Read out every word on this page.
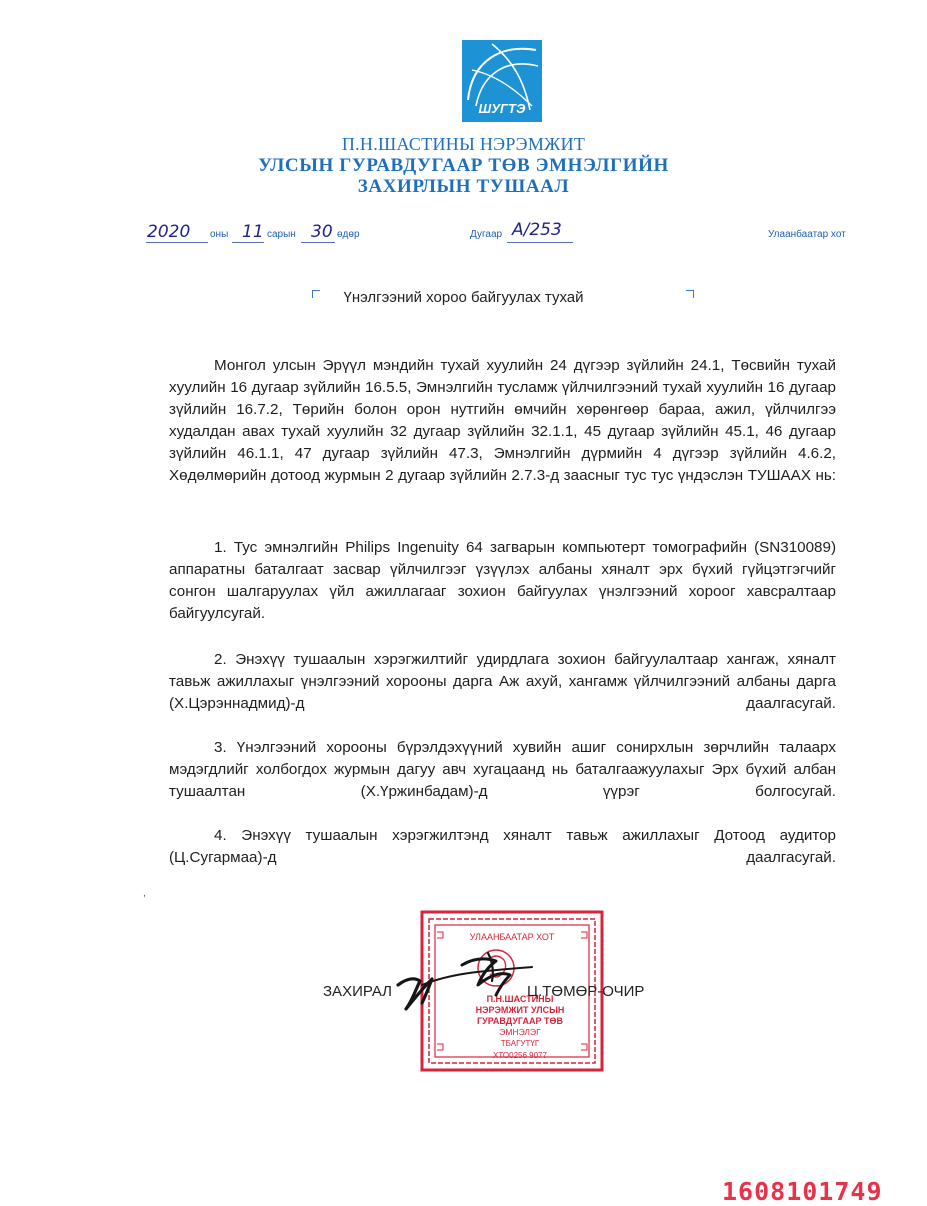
ШУГТЭ
П.Н.ШАСТИНЫ НЭРЭМЖИТ
УЛСЫН ГУРАВДУГААР ТӨВ ЭМНЭЛГИЙН
ЗАХИРЛЫН ТУШААЛ
2020 оны 11 сарын 30 өдөр	Дугаар А/253	Улаанбаатар хот
Үнэлгээний хороо байгуулах тухай
Монгол улсын Эрүүл мэндийн тухай хуулийн 24 дүгээр зүйлийн 24.1, Төсвийн тухай хуулийн 16 дугаар зүйлийн 16.5.5, Эмнэлгийн тусламж үйлчилгээний тухай хуулийн 16 дугаар зүйлийн 16.7.2, Төрийн болон орон нутгийн өмчийн хөрөнгөөр бараа, ажил, үйлчилгээ худалдан авах тухай хуулийн 32 дугаар зүйлийн 32.1.1, 45 дугаар зүйлийн 45.1, 46 дугаар зүйлийн 46.1.1, 47 дугаар зүйлийн 47.3, Эмнэлгийн дүрмийн 4 дүгээр зүйлийн 4.6.2, Хөдөлмөрийн дотоод журмын 2 дугаар зүйлийн 2.7.3-д заасныг тус тус үндэслэн ТУШААХ нь:
1. Тус эмнэлгийн Philips Ingenuity 64 загварын компьютерт томографийн (SN310089) аппаратны баталгаат засвар үйлчилгээг үзүүлэх албаны хяналт эрх бүхий гүйцэтгэгчийг сонгон шалгаруулах үйл ажиллагааг зохион байгуулах үнэлгээний хороог хавсралтаар байгуулсугай.
2. Энэхүү тушаалын хэрэгжилтийг удирдлага зохион байгуулалтаар хангаж, хяналт тавьж ажиллахыг үнэлгээний хорооны дарга Аж ахуй, хангамж үйлчилгээний албаны дарга (Х.Цэрэннадмид)-д даалгасугай.
3. Үнэлгээний хорооны бүрэлдэхүүний хувийн ашиг сонирхлын зөрчлийн талаарх мэдэгдлийг холбогдох журмын дагуу авч хугацаанд нь баталгаажуулахыг Эрх бүхий албан тушаалтан (Х.Үржинбадам)-д үүрэг болгосугай.
4. Энэхүү тушаалын хэрэгжилтэнд хяналт тавьж ажиллахыг Дотоод аудитор (Ц.Сугармаа)-д даалгасугай.
,
УЛААНБААТАР ХОТ
П.Н.ШАСТИНЫ
НЭРЭМЖИТ УЛСЫН
ГУРАВДУГААР ТӨВ
ЭМНЭЛЭГ
ТБАГУТҮГ
ХТО0256 9077
ЗАХИРАЛ	Ц.ТӨМӨР-ОЧИР
1608101749
